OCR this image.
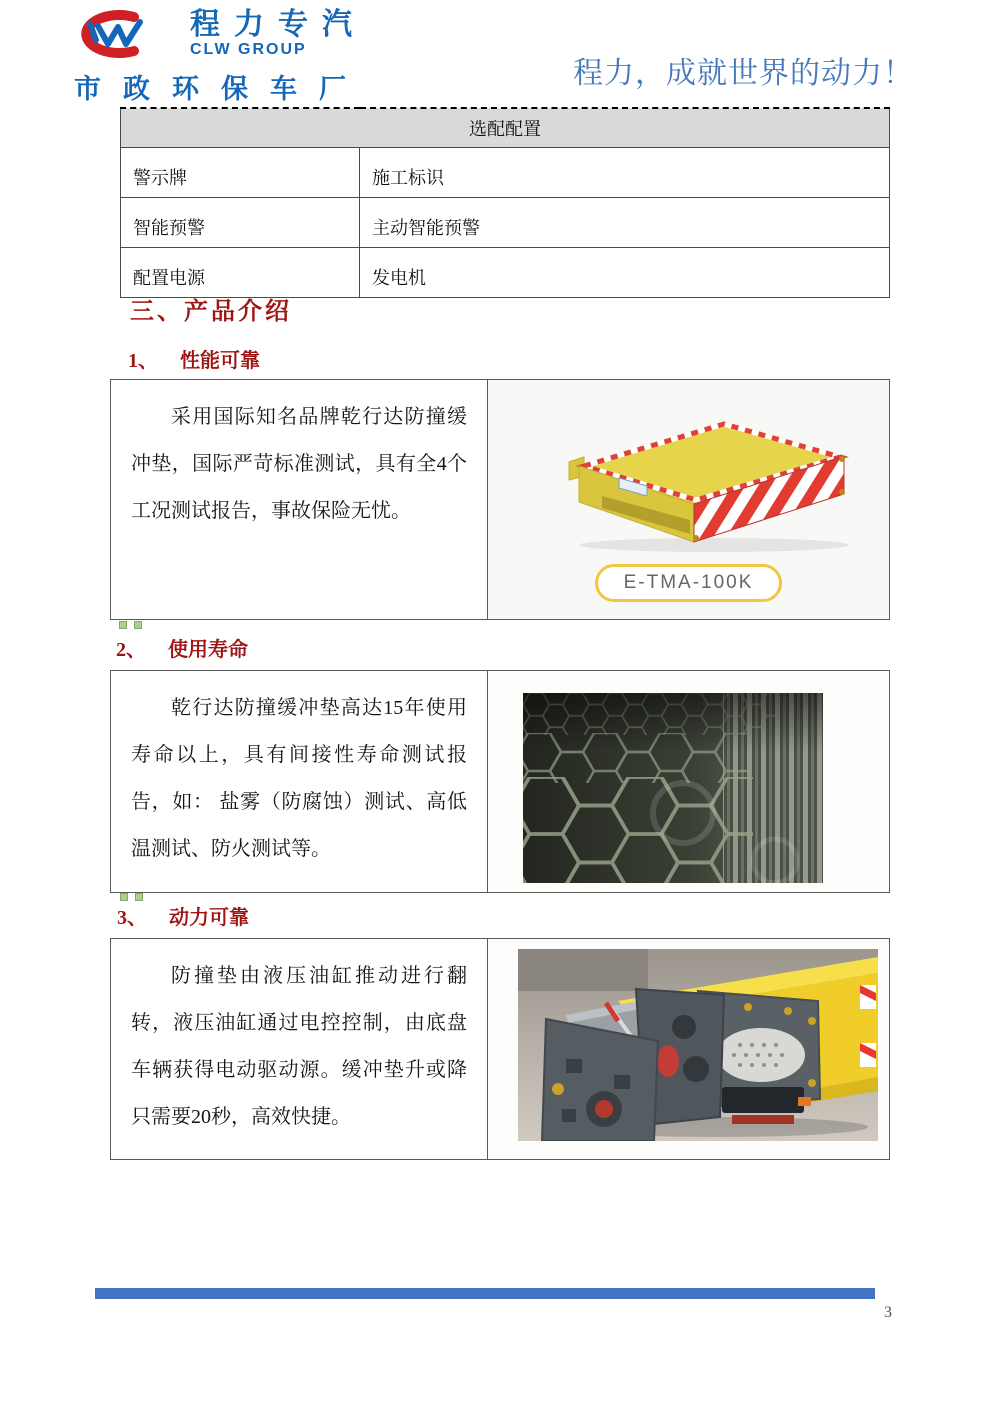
程力专汽
CLW GROUP
市政环保车厂	程力，成就世界的动力！
选配配置	
警示牌	施工标识
智能预警	主动智能预警
配置电源	发电机
三、产品介绍
1、 性能可靠

采用国际知名品牌乾行达防撞缓冲垫，国际严苛标准测试，具有全4个工况测试报告，事故保险无忧。

E-TMA-100K
2、 使用寿命

乾行达防撞缓冲垫高达15年使用寿命以上，具有间接性寿命测试报告，如： 盐雾（防腐蚀）测试、高低温测试、防火测试等。

3、 动力可靠

防撞垫由液压油缸推动进行翻转，液压油缸通过电控控制，由底盘车辆获得电动驱动源。缓冲垫升或降只需要20秒，高效快捷。

3
